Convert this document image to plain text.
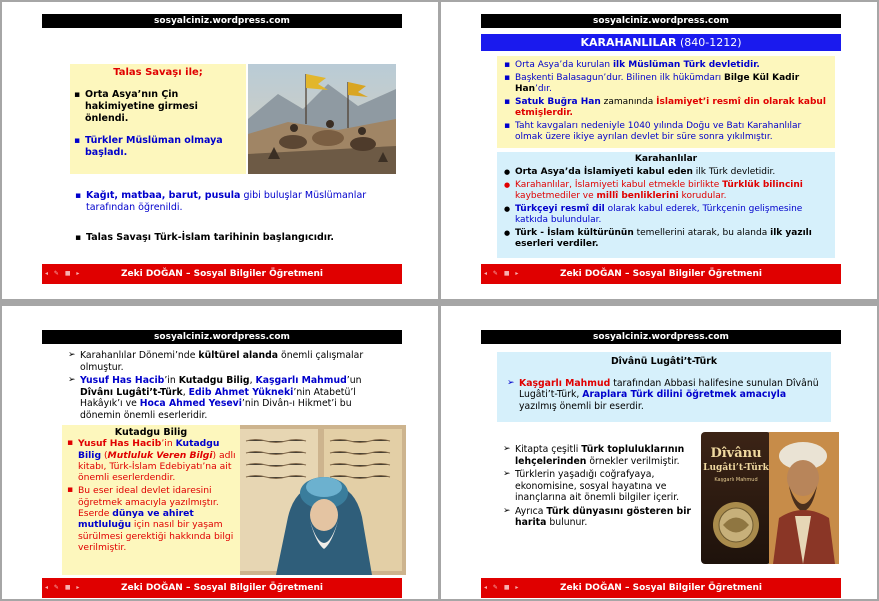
sosyalciniz.wordpress.com
Talas Savaşı ile;
▪ Orta Asya’nın Çin hakimiyetine girmesi önlendi.
▪ Türkler Müslüman olmaya başladı.
▪ Kağıt, matbaa, barut, pusula gibi buluşlar Müslümanlar tarafından öğrenildi.
▪ Talas Savaşı Türk-İslam tarihinin başlangıcıdır.
◂ ✎ ■ ▸	Zeki DOĞAN – Sosyal Bilgiler Öğretmeni
sosyalciniz.wordpress.com
KARAHANLILAR (840-1212)
▪ Orta Asya’da kurulan ilk Müslüman Türk devletidir.
▪ Başkenti Balasagun’dur. Bilinen ilk hükümdarı Bilge Kül Kadir Han’dır.
▪ Satuk Buğra Han zamanında İslamiyet’i resmî din olarak kabul etmişlerdir.
▪ Taht kavgaları nedeniyle 1040 yılında Doğu ve Batı Karahanlılar olmak üzere ikiye ayrılan devlet bir süre sonra yıkılmıştır.
Karahanlılar
● Orta Asya’da İslamiyeti kabul eden ilk Türk devletidir.
● Karahanlılar, İslamiyeti kabul etmekle birlikte Türklük bilincini kaybetmediler ve millî benliklerini korudular.
● Türkçeyi resmî dil olarak kabul ederek, Türkçenin gelişmesine katkıda bulundular.
● Türk - İslam kültürünün temellerini atarak, bu alanda ilk yazılı eserleri verdiler.
◂ ✎ ■ ▸	Zeki DOĞAN – Sosyal Bilgiler Öğretmeni
sosyalciniz.wordpress.com
➢ Karahanlılar Dönemi’nde kültürel alanda önemli çalışmalar olmuştur.
➢ Yusuf Has Hacib’in Kutadgu Bilig, Kaşgarlı Mahmud’un Dîvânı Lugâti’t-Türk, Edib Ahmet Yükneki’nin Atabetü’l Hakâyık’ı ve Hoca Ahmed Yesevi’nin Divân-ı Hikmet’i bu dönemin önemli eserleridir.
Kutadgu Bilig
▪ Yusuf Has Hacib’in Kutadgu Bilig (Mutluluk Veren Bilgi) adlı kitabı, Türk-İslam Edebiyatı’na ait önemli eserlerdendir.
▪ Bu eser ideal devlet idaresini öğretmek amacıyla yazılmıştır. Eserde dünya ve ahiret mutluluğu için nasıl bir yaşam sürülmesi gerektiği hakkında bilgi verilmiştir.
◂ ✎ ■ ▸	Zeki DOĞAN – Sosyal Bilgiler Öğretmeni
sosyalciniz.wordpress.com
Dîvânü Lugâti’t-Türk
➢ Kaşgarlı Mahmud tarafından Abbasi halifesine sunulan Dîvânü Lugâti’t-Türk, Araplara Türk dilini öğretmek amacıyla yazılmış önemli bir eserdir.
➢ Kitapta çeşitli Türk topluluklarının lehçelerinden örnekler verilmiştir.
➢ Türklerin yaşadığı coğrafyaya, ekonomisine, sosyal hayatına ve inançlarına ait önemli bilgiler içerir.
➢ Ayrıca Türk dünyasını gösteren bir harita bulunur.
Dîvânu
Lugâti’t-Türk
Kaşgarlı Mahmud
◂ ✎ ■ ▸	Zeki DOĞAN – Sosyal Bilgiler Öğretmeni
